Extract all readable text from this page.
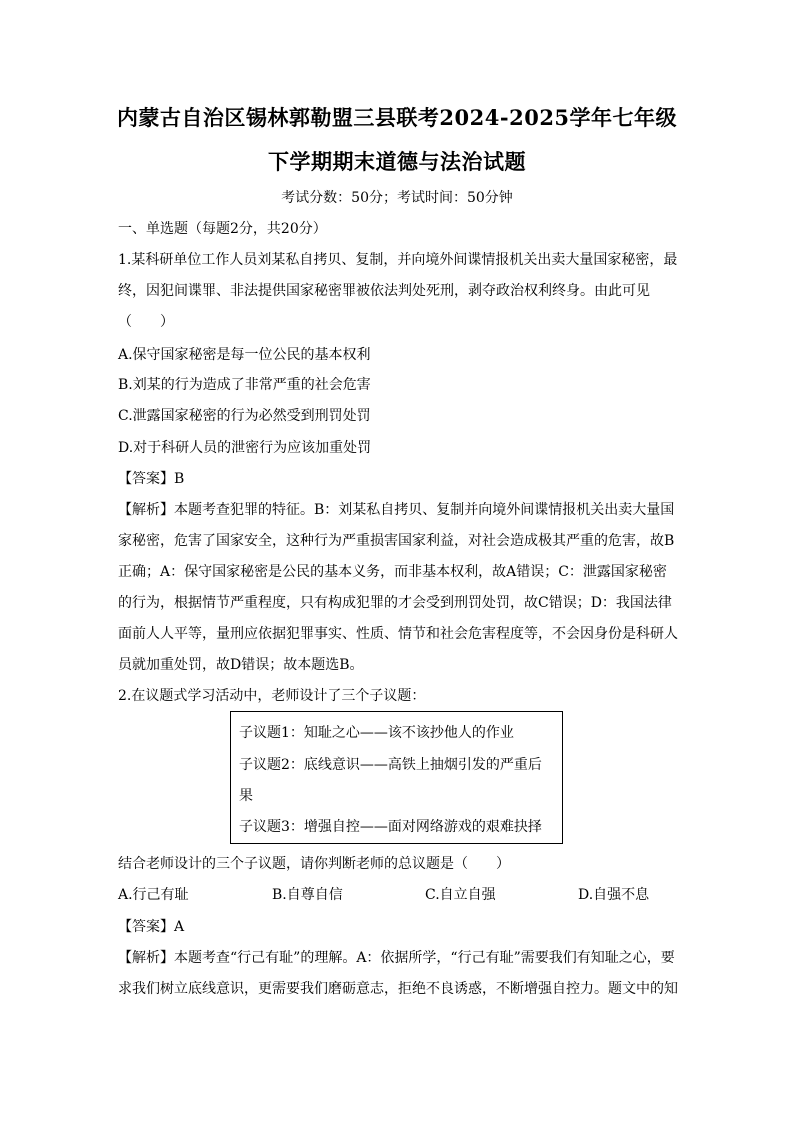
内蒙古自治区锡林郭勒盟三县联考2024-2025学年七年级
下学期期末道德与法治试题
考试分数：50分；考试时间：50分钟
一、单选题（每题2分，共20分）
1.某科研单位工作人员刘某私自拷贝、复制，并向境外间谍情报机关出卖大量国家秘密，最
终，因犯间谍罪、非法提供国家秘密罪被依法判处死刑，剥夺政治权利终身。由此可见
（　　）
A.保守国家秘密是每一位公民的基本权利
B.刘某的行为造成了非常严重的社会危害
C.泄露国家秘密的行为必然受到刑罚处罚
D.对于科研人员的泄密行为应该加重处罚
【答案】B
【解析】本题考查犯罪的特征。B：刘某私自拷贝、复制并向境外间谍情报机关出卖大量国
家秘密，危害了国家安全，这种行为严重损害国家利益，对社会造成极其严重的危害，故B
正确；A：保守国家秘密是公民的基本义务，而非基本权利，故A错误；C：泄露国家秘密
的行为，根据情节严重程度，只有构成犯罪的才会受到刑罚处罚，故C错误；D：我国法律
面前人人平等，量刑应依据犯罪事实、性质、情节和社会危害程度等，不会因身份是科研人
员就加重处罚，故D错误；故本题选B。
2.在议题式学习活动中，老师设计了三个子议题：
子议题1：知耻之心——该不该抄他人的作业
子议题2：底线意识——高铁上抽烟引发的严重后
果
子议题3：增强自控——面对网络游戏的艰难抉择
结合老师设计的三个子议题，请你判断老师的总议题是（　　）
A.行己有耻	B.自尊自信	C.自立自强	D.自强不息
【答案】A
【解析】本题考查“行己有耻”的理解。A：依据所学，“行己有耻”需要我们有知耻之心，要
求我们树立底线意识，更需要我们磨砺意志，拒绝不良诱惑，不断增强自控力。题文中的知
